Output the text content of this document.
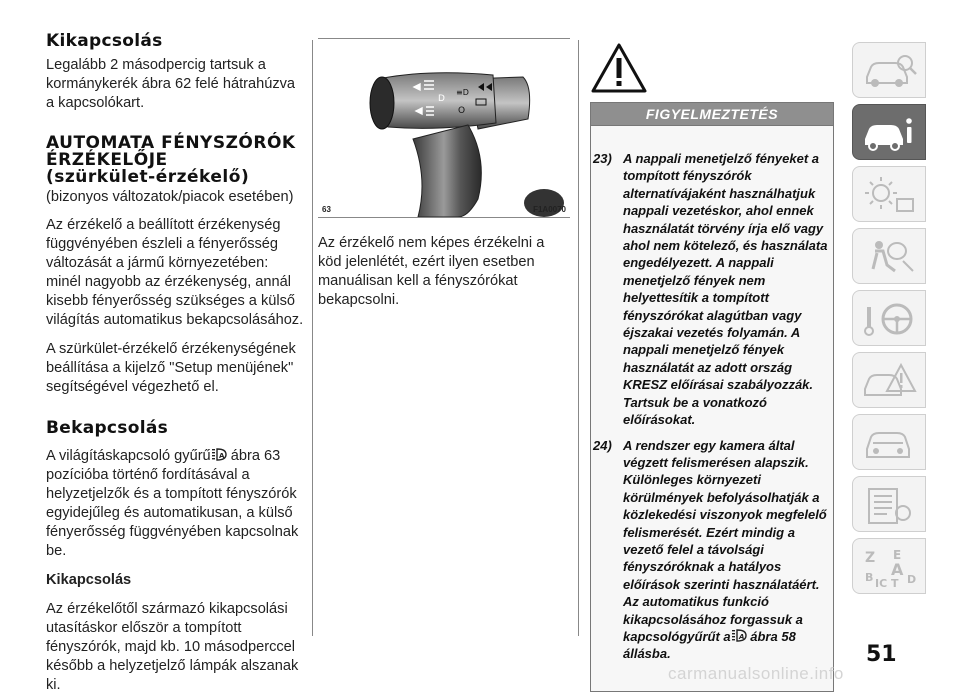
Kikapcsolás

Legalább 2 másodpercig tartsuk a kormánykerék ábra 62 felé hátrahúzva a kapcsolókart.

AUTOMATA FÉNYSZÓRÓK
ÉRZÉKELŐJE
(szürkület-érzékelő)

(bizonyos változatok/piacok esetében)

Az érzékelő a beállított érzékenység függvényében észleli a fényerősség változását a jármű környezetében: minél nagyobb az érzékenység, annál kisebb fényerősség szükséges a külső világítás automatikus bekapcsolásához.

A szürkület-érzékelő érzékenységének beállítása a kijelző "Setup menüjének" segítségével végezhető el.

Bekapcsolás

A világításkapcsoló gyűrű A ábra 63 pozícióba történő fordításával a helyzetjelzők és a tompított fényszórók egyidejűleg és automatikusan, a külső fényerősség függvényében kapcsolnak be.

Kikapcsolás

Az érzékelőtől származó kikapcsolási utasításkor először a tompított fényszórók, majd kb. 10 másodperccel később a helyzetjelző lámpák alszanak ki.

D
O
≡D
63	F1A0070

Az érzékelő nem képes érzékelni a köd jelenlétét, ezért ilyen esetben manuálisan kell a fényszórókat bekapcsolni.

FIGYELMEZTETÉS
23) A nappali menetjelző fényeket a tompított fényszórók alternatívájaként használhatjuk nappali vezetéskor, ahol ennek használatát törvény írja elő vagy ahol nem kötelező, és használata engedélyezett. A nappali menetjelző fények nem helyettesítik a tompított fényszórókat alagútban vagy éjszakai vezetés folyamán. A nappali menetjelző fények használatát az adott ország KRESZ előírásai szabályozzák. Tartsuk be a vonatkozó előírásokat.
24) A rendszer egy kamera által végzett felismerésen alapszik. Különleges környezeti körülmények befolyásolhatják a közlekedési viszonyok megfelelő felismerését. Ezért mindig a vezető felel a távolsági fényszóróknak a hatályos előírások szerinti használatáért. Az automatikus funkció kikapcsolásához forgassuk a kapcsológyűrűt a A ábra 58 állásba.
Z E
A
B IC T D
51
carmanualsonline.info
